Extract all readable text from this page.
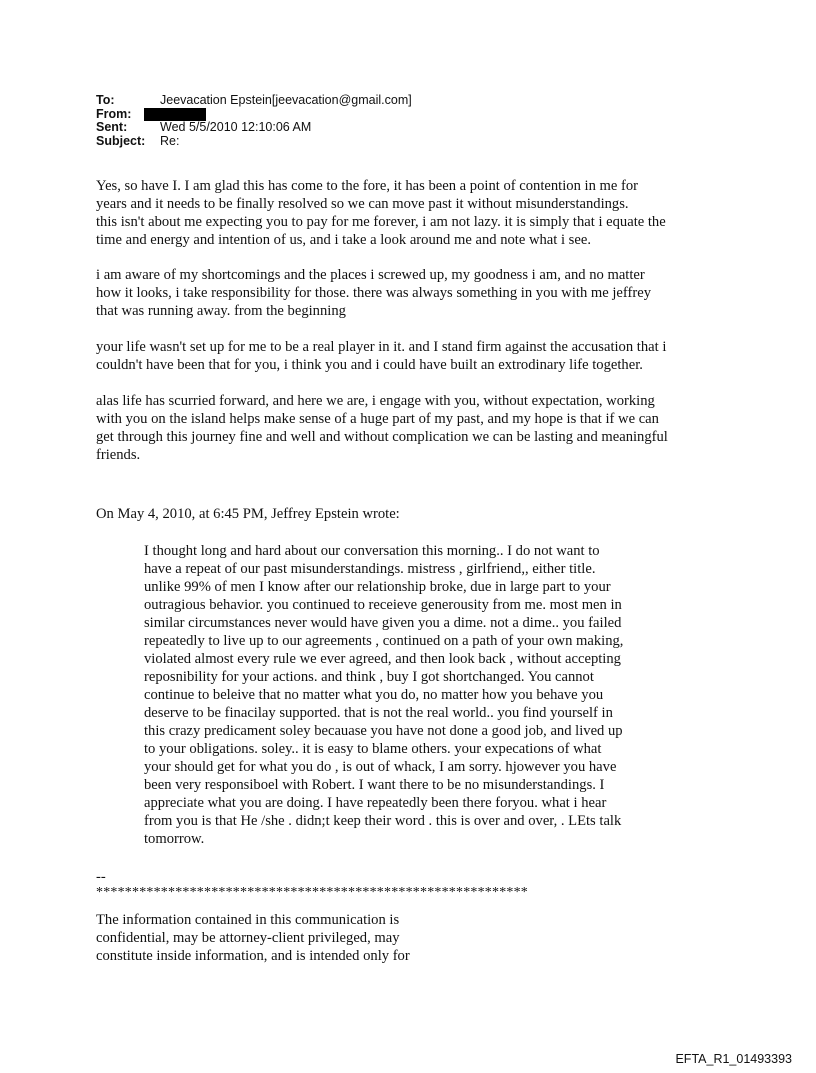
To:	Jeevacation Epstein[jeevacation@gmail.com]
From:
Sent:	Wed 5/5/2010 12:10:06 AM
Subject:	Re:
Yes, so have I. I am glad this has come to the fore, it has been a point of contention in me for
years and it needs to be finally resolved so we can move past it without misunderstandings.
this isn't about me expecting you to pay for me forever, i am not lazy. it is simply that i equate the
time and energy and intention of us, and i take a look around me and note what i see.
i am aware of my shortcomings and the places i screwed up, my goodness i am, and no matter
how it looks, i take responsibility for those. there was always something in you with me jeffrey
that was running away. from the beginning
your life wasn't set up for me to be a real player in it. and I stand firm against the accusation that i
couldn't have been that for you, i think you and i could have built an extrodinary life together.
alas life has scurried forward, and here we are, i engage with you, without expectation, working
with you on the island helps make sense of a huge part of my past, and my hope is that if we can
get through this journey fine and well and without complication we can be lasting and meaningful
friends.
On May 4, 2010, at 6:45 PM, Jeffrey Epstein wrote:
I thought long and hard about our conversation this morning.. I do not want to
have a repeat of our past misunderstandings. mistress , girlfriend,, either title.
unlike 99% of men I know after our relationship broke, due in large part to your
outragious behavior. you continued to receieve generousity from me. most men in
similar circumstances never would have given you a dime. not a dime.. you failed
repeatedly to live up to our agreements , continued on a path of your own making,
violated almost every rule we ever agreed, and then look back , without accepting
reposnibility for your actions. and think , buy I got shortchanged. You cannot
continue to beleive that no matter what you do, no matter how you behave you
deserve to be finacilay supported. that is not the real world.. you find yourself in
this crazy predicament soley becauase you have not done a good job, and lived up
to your obligations. soley.. it is easy to blame others. your expecations of what
your should get for what you do , is out of whack, I am sorry. hjowever you have
been very responsiboel with Robert. I want there to be no misunderstandings. I
appreciate what you are doing. I have repeatedly been there foryou. what i hear
from you is that He /she . didn;t keep their word . this is over and over, . LEts talk
tomorrow.
--
************************************************************
The information contained in this communication is
confidential, may be attorney-client privileged, may
constitute inside information, and is intended only for
EFTA_R1_01493393
